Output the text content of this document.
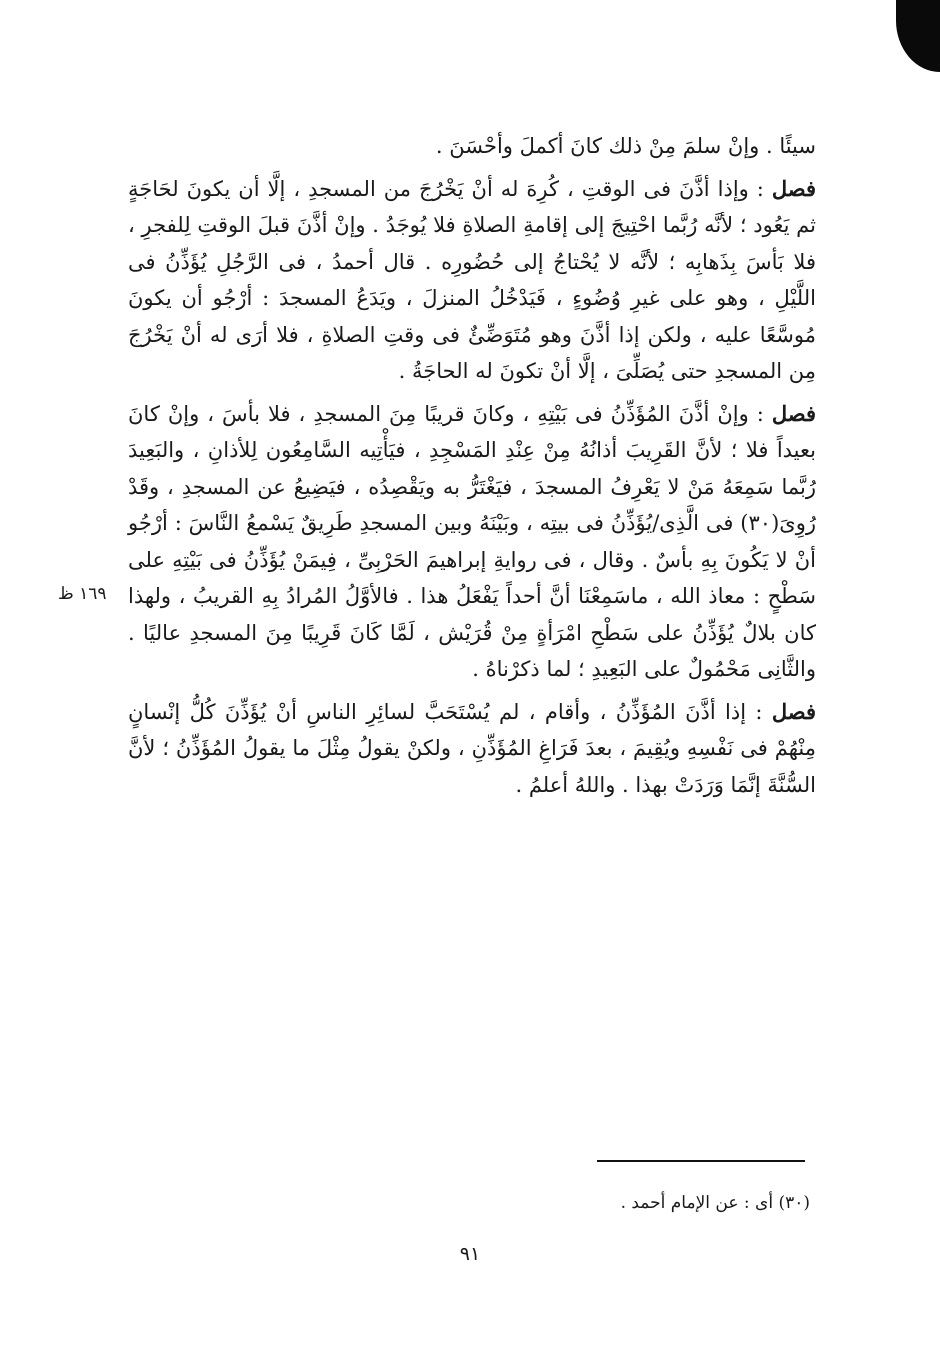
سيئًا . وإنْ سلمَ مِنْ ذلك كانَ أكملَ وأحْسَنَ .

فصل : وإذا أذَّنَ فى الوقتِ ، كُرِهَ له أنْ يَخْرُجَ من المسجدِ ، إلَّا أن يكونَ لحَاجَةٍ ثم يَعُود ؛ لأنَّه رُبَّما احْتِيجَ إلى إقامةِ الصلاةِ فلا يُوجَدُ . وإنْ أذَّنَ قبلَ الوقتِ لِلفجرِ ، فلا بَأسَ بِذَهابِه ؛ لأنَّه لا يُحْتاجُ إلى حُضُورِه . قال أحمدُ ، فى الرَّجُلِ يُؤَذِّنُ فى اللَّيْلِ ، وهو على غيرِ وُضُوءٍ ، فَيَدْخُلُ المنزلَ ، ويَدَعُ المسجدَ : أرْجُو أن يكونَ مُوسَّعًا عليه ، ولكن إذا أذَّنَ وهو مُتَوَضِّئٌ فى وقتِ الصلاةِ ، فلا أرَى له أنْ يَخْرُجَ مِن المسجدِ حتى يُصَلِّىَ ، إلَّا أنْ تكونَ له الحاجَةُ .

فصل : وإنْ أذَّنَ المُؤَذِّنُ فى بَيْتِهِ ، وكانَ قريبًا مِنَ المسجدِ ، فلا بأسَ ، وإنْ كانَ بعيداً فلا ؛ لأنَّ القَرِيبَ أذانُهُ مِنْ عِنْدِ المَسْجِدِ ، فيَأْتِيه السَّامِعُون لِلأذانِ ، والبَعِيدَ رُبَّما سَمِعَهُ مَنْ لا يَعْرِفُ المسجدَ ، فيَغْتَرُّ به ويَقْصِدُه ، فيَضِيعُ عن المسجدِ ، وقَدْ رُوِىَ(٣٠) فى الَّذِى/يُؤَذِّنُ فى بيتِه ، وبَيْنَهُ وبين المسجدِ طَرِيقٌ يَسْمعُ النَّاسَ : أرْجُو أنْ لا يَكُونَ بِهِ بأسٌ . وقال ، فى روايةِ إبراهيمَ الحَرْبِىِّ ، فِيمَنْ يُؤَذِّنُ فى بَيْتِهِ على سَطْحٍ : معاذ الله ، ماسَمِعْنَا أنَّ أحداً يَفْعَلُ هذا . فالأوَّلُ المُرادُ بِهِ القريبُ ، ولهذا كان بلالٌ يُؤَذِّنُ على سَطْحِ امْرَأةٍ مِنْ قُرَيْش ، لَمَّا كَانَ قَرِيبًا مِنَ المسجدِ عاليًا . والثَّانِى مَحْمُولٌ على البَعِيدِ ؛ لما ذكرْناهُ .

فصل : إذا أذَّنَ المُؤَذِّنُ ، وأقام ، لم يُسْتَحَبَّ لسائِرِ الناسِ أنْ يُؤَذِّنَ كُلُّ إنْسانٍ مِنْهُمْ فى نَفْسِهِ ويُقِيمَ ، بعدَ فَرَاغِ المُؤَذِّنِ ، ولكنْ يقولُ مِثْلَ ما يقولُ المُؤَذِّنُ ؛ لأنَّ السُّنَّةَ إنَّمَا وَرَدَتْ بهذا . واللهُ أعلمُ .

١٦٩ ظ
(٣٠) أى : عن الإمام أحمد .
٩١
